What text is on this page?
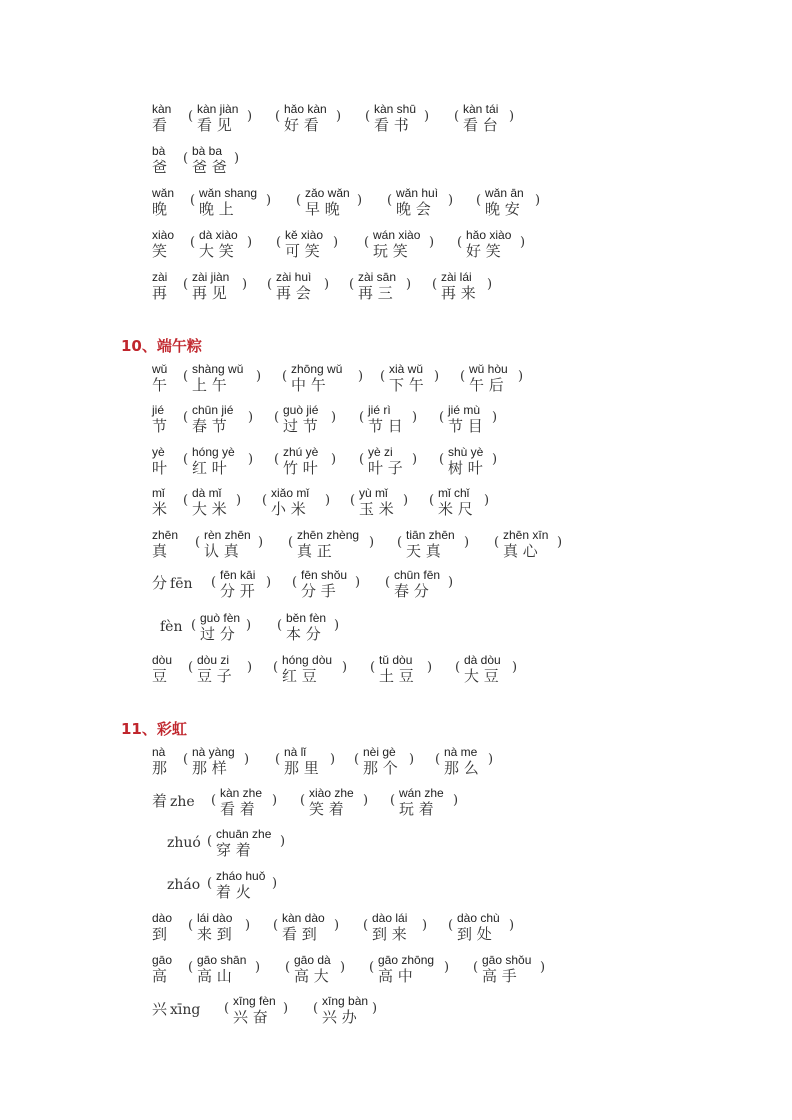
10、端午粽
11、彩虹
kàn
看 ( kàn jiàn
看 见 ) ( hǎo kàn
好 看 ) ( kàn shū
看 书 ) ( kàn tái
看 台 )
bà
爸 ( bà ba
爸 爸 )
wǎn
晚 ( wǎn shang
晚 上 ) ( zǎo wǎn
早 晚 ) ( wǎn huì
晚 会 ) ( wǎn ān
晚 安 )
xiào
笑 ( dà xiào
大 笑 ) ( kě xiào
可 笑 ) ( wán xiào
玩 笑 ) ( hǎo xiào
好 笑 )
zài
再 ( zài jiàn
再 见 ) ( zài huì
再 会 ) ( zài sān
再 三 ) ( zài lái
再 来 )
wǔ
午 ( shàng wǔ
上 午 ) ( zhōng wǔ
中 午 ) ( xià wǔ
下 午 ) ( wǔ hòu
午 后 )
jié
节 ( chūn jié
春 节 ) ( guò jié
过 节 ) ( jié rì
节 日 ) ( jié mù
节 目 )
yè
叶 ( hóng yè
红 叶 ) ( zhú yè
竹 叶 ) ( yè zi
叶 子 ) ( shù yè
树 叶 )
mǐ
米 ( dà mǐ
大 米 ) ( xiǎo mǐ
小 米 ) ( yù mǐ
玉 米 ) ( mǐ chǐ
米 尺 )
zhēn
真 ( rèn zhēn
认 真 ) ( zhēn zhèng
真 正	) ( tiān zhēn
天 真 ) ( zhēn xīn
真 心 )
分 fēn ( fēn kāi
分 开 ) ( fēn shǒu
分 手 ) ( chūn fēn
春 分 )
fèn ( guò fèn
过 分 ) ( běn fèn
本 分 )
dòu
豆 ( dòu zi
豆 子 ) ( hóng dòu
红 豆 ) ( tǔ dòu
土 豆 ) ( dà dòu
大 豆 )
nà
那 ( nà yàng
那 样 ) ( nà lǐ
那 里 ) ( nèi gè
那 个 ) ( nà me
那 么 )
着 zhe ( kàn zhe
看 着 ) ( xiào zhe
笑 着 ) ( wán zhe
玩 着 )
zhuó ( chuān zhe
穿 着 )
zháo ( zháo huǒ
着 火 )
dào
到 ( lái dào
来 到 ) ( kàn dào
看 到 ) ( dào lái
到 来 ) ( dào chù
到 处 )
gāo
高 ( gāo shān
高 山 ) ( gāo dà
高 大 ) ( gāo zhōng
高 中 ) ( gāo shǒu
高 手 )
兴 xīng ( xīng fèn
兴 奋 ) ( xīng bàn
兴 办 )
